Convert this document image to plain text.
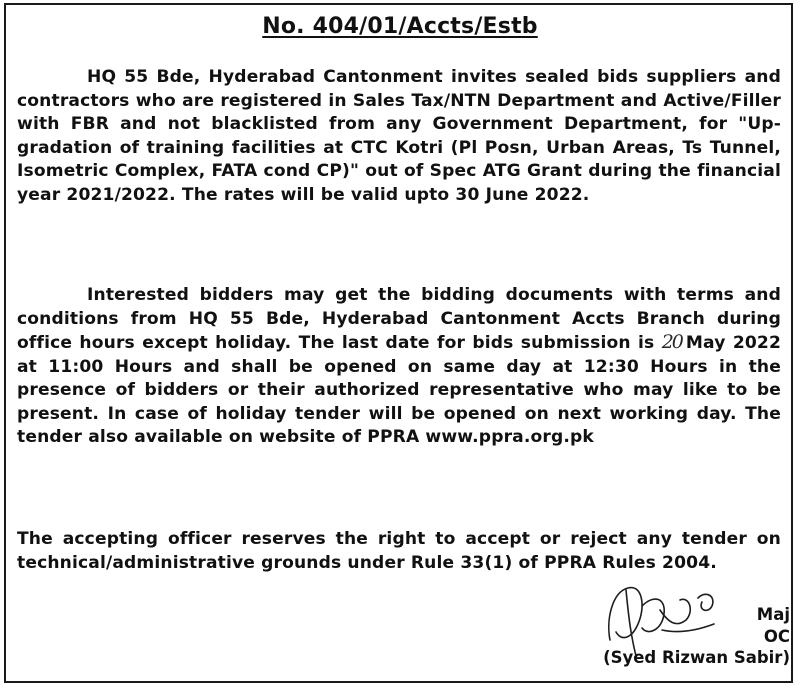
No. 404/01/Accts/Estb

HQ 55 Bde, Hyderabad Cantonment invites sealed bids suppliers and contractors who are registered in Sales Tax/NTN Department and Active/Filler with FBR and not blacklisted from any Government Department, for "Up-gradation of training facilities at CTC Kotri (Pl Posn, Urban Areas, Ts Tunnel, Isometric Complex, FATA cond CP)" out of Spec ATG Grant during the financial year 2021/2022. The rates will be valid upto 30 June 2022.

Interested bidders may get the bidding documents with terms and conditions from HQ 55 Bde, Hyderabad Cantonment Accts Branch during office hours except holiday. The last date for bids submission is 20 May 2022 at 11:00 Hours and shall be opened on same day at 12:30 Hours in the presence of bidders or their authorized representative who may like to be present. In case of holiday tender will be opened on next working day. The tender also available on website of PPRA www.ppra.org.pk

The accepting officer reserves the right to accept or reject any tender on technical/administrative grounds under Rule 33(1) of PPRA Rules 2004.

Maj
OC
(Syed Rizwan Sabir)
